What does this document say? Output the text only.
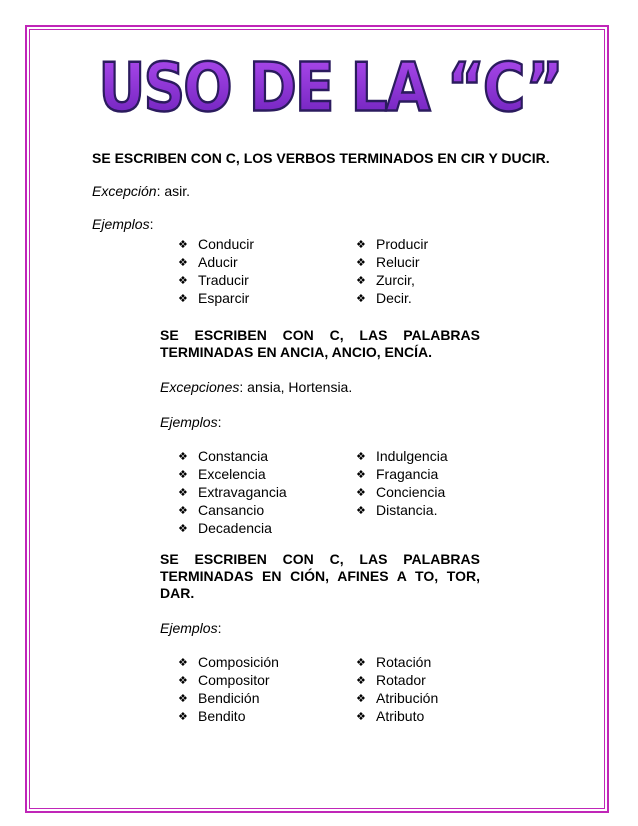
USO DE LA “C”

SE ESCRIBEN CON C, LOS VERBOS TERMINADOS EN CIR Y DUCIR.

Excepción: asir.

Ejemplos:

❖ Conducir
❖ Aducir
❖ Traducir
❖ Esparcir
❖ Producir
❖ Relucir
❖ Zurcir,
❖ Decir.

SE ESCRIBEN CON C, LAS PALABRAS TERMINADAS EN ANCIA, ANCIO, ENCÍA.

Excepciones: ansia, Hortensia.

Ejemplos:

❖ Constancia
❖ Excelencia
❖ Extravagancia
❖ Cansancio
❖ Decadencia
❖ Indulgencia
❖ Fragancia
❖ Conciencia
❖ Distancia.

SE ESCRIBEN CON C, LAS PALABRAS TERMINADAS EN CIÓN, AFINES A TO, TOR, DAR.

Ejemplos:

❖ Composición
❖ Compositor
❖ Bendición
❖ Bendito
❖ Rotación
❖ Rotador
❖ Atribución
❖ Atributo
